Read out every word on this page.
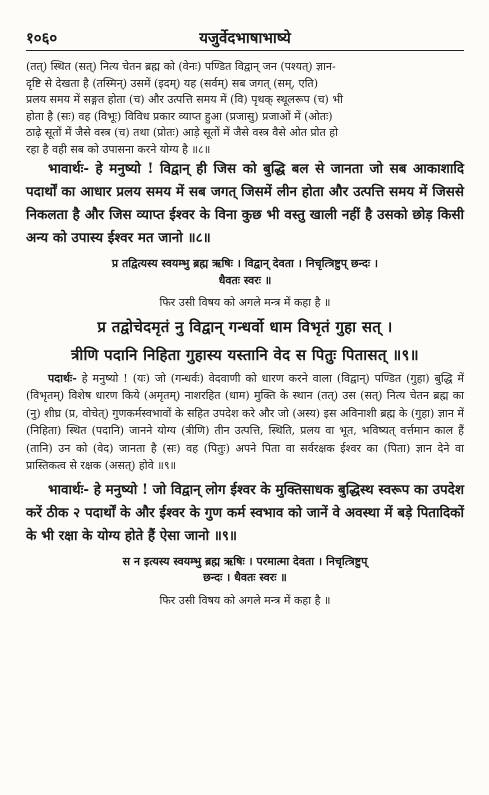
१०६०	यजुर्वेदभाषाभाष्ये

(तत्) स्थित (सत्) नित्य चेतन ब्रह्म को (वेनः) पण्डित विद्वान् जन (पश्यत्) ज्ञान-

दृष्टि से देखता है (तस्मिन्) उसमें (इदम्) यह (सर्वम्) सब जगत् (सम्, एति)

प्रलय समय में सङ्गत होता (च) और उत्पत्ति समय में (वि) पृथक् स्थूलरूप (च) भी

होता है (सः) वह (विभूः) विविध प्रकार व्याप्त हुआ (प्रजासु) प्रजाओं में (ओतः)

ठाढ़े सूतों में जैसे वस्त्र (च) तथा (प्रोतः) आड़े सूतों में जैसे वस्त्र वैसे ओत प्रोत हो

रहा है वही सब को उपासना करने योग्य है ॥८॥

भावार्थः- हे मनुष्यो ! विद्वान् ही जिस को बुद्धि बल से जानता जो सब आकाशादि पदार्थों का आधार प्रलय समय में सब जगत् जिसमें लीन होता और उत्पत्ति समय में जिससे निकलता है और जिस व्याप्त ईश्वर के विना कुछ भी वस्तु खाली नहीं है उसको छोड़ किसी अन्य को उपास्य ईश्वर मत जानो ॥८॥

प्र तद्वित्यस्य स्वयम्भु ब्रह्म ऋषिः । विद्वान् देवता । निचृत्त्रिष्टुप् छन्दः ।

धैवतः स्वरः ॥

फिर उसी विषय को अगले मन्त्र में कहा है ॥

प्र तद्वोचेदमृतं नु विद्वान् गन्धर्वो धाम विभृतं गुहा सत् ।

त्रीणि पदानि निहिता गुहास्य यस्तानि वेद स पितुः पितासत् ॥९॥

पदार्थः- हे मनुष्यो ! (यः) जो (गन्धर्वः) वेदवाणी को धारण करने वाला (विद्वान्) पण्डित (गुहा) बुद्धि में (विभृतम्) विशेष धारण किये (अमृतम्) नाशरहित (धाम) मुक्ति के स्थान (तत्) उस (सत्) नित्य चेतन ब्रह्म का (नु) शीघ्र (प्र, वोचेत्) गुणकर्मस्वभावों के सहित उपदेश करे और जो (अस्य) इस अविनाशी ब्रह्म के (गुहा) ज्ञान में (निहिता) स्थित (पदानि) जानने योग्य (त्रीणि) तीन उत्पत्ति, स्थिति, प्रलय वा भूत, भविष्यत् वर्त्तमान काल हैं (तानि) उन को (वेद) जानता है (सः) वह (पितुः) अपने पिता वा सर्वरक्षक ईश्वर का (पिता) ज्ञान देने वा प्रास्तिकत्व से रक्षक (असत्) होवे ॥९॥

भावार्थः- हे मनुष्यो ! जो विद्वान् लोग ईश्वर के मुक्तिसाधक बुद्धिस्थ स्वरूप का उपदेश करें ठीक २ पदार्थों के और ईश्वर के गुण कर्म स्वभाव को जानें वे अवस्था में बड़े पितादिकों के भी रक्षा के योग्य होते हैं ऐसा जानो ॥९॥

स न इत्यस्य स्वयम्भु ब्रह्म ऋषिः । परमात्मा देवता । निचृत्त्रिष्टुप्

छन्दः । धैवतः स्वरः ॥

फिर उसी विषय को अगले मन्त्र में कहा है ॥
